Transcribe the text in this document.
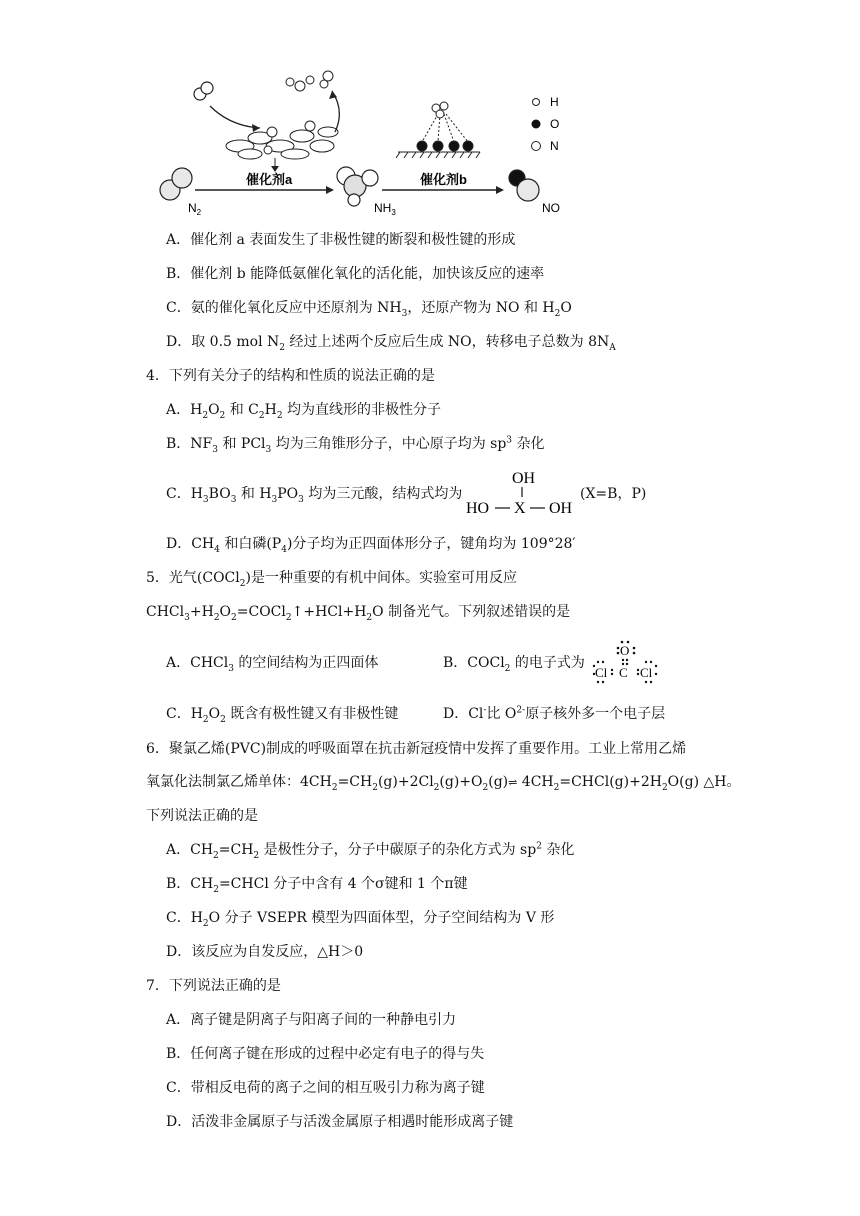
$N_2$
催化剂a
$NH_3$
催化剂b
NO
H
O
N
A．催化剂 a 表面发生了非极性键的断裂和极性键的形成
B．催化剂 b 能降低氨催化氧化的活化能，加快该反应的速率
C．氨的催化氧化反应中还原剂为 $NH_3$，还原产物为 NO 和 $H_2O$
D．取 0.5 mol $N_2$ 经过上述两个反应后生成 NO，转移电子总数为 $8N_A$
4．下列有关分子的结构和性质的说法正确的是
A．$H_2O_2$ 和 $C_2H_2$ 均为直线形的非极性分子
B．$NF_3$ 和 PCl$_3$ 均为三角锥形分子，中心原子均为 $sp^3$ 杂化
C．$H_3BO_3$ 和 $H_3PO_3$ 均为三元酸，结构式均为
OH
HO X OH
(X=B，P)
D．$CH_4$ 和白磷$(P_4)$分子均为正四面体形分子，键角均为 109°28′
5．光气(COCl$_2$)是一种重要的有机中间体。实验室可用反应
$CHCl_3+H_2O_2=COCl_2↑+HCl+H_2O$ 制备光气。下列叙述错误的是
A．CHCl$_3$ 的空间结构为正四面体	B．COCl$_2$ 的电子式为
O
Cl C Cl
C．$H_2O_2$ 既含有极性键又有非极性键	D．Cl-比 $O^{2-}$原子核外多一个电子层
6．聚氯乙烯(PVC)制成的呼吸面罩在抗击新冠疫情中发挥了重要作用。工业上常用乙烯
氧氯化法制氯乙烯单体：$4CH_2=CH_2(g)+2Cl_2(g)+O_2(g)\rightleftharpoons$ $4CH_2=CHCl(g)+2H_2O(g)$ △H。
下列说法正确的是
A．$CH_2=CH_2$ 是极性分子，分子中碳原子的杂化方式为 $sp^2$ 杂化
B．$CH_2=CHCl$ 分子中含有 4 个σ键和 1 个π键
C．$H_2O$ 分子 VSEPR 模型为四面体型，分子空间结构为 V 形
D．该反应为自发反应，△H＞0
7．下列说法正确的是
A．离子键是阴离子与阳离子间的一种静电引力
B．任何离子键在形成的过程中必定有电子的得与失
C．带相反电荷的离子之间的相互吸引力称为离子键
D．活泼非金属原子与活泼金属原子相遇时能形成离子键
